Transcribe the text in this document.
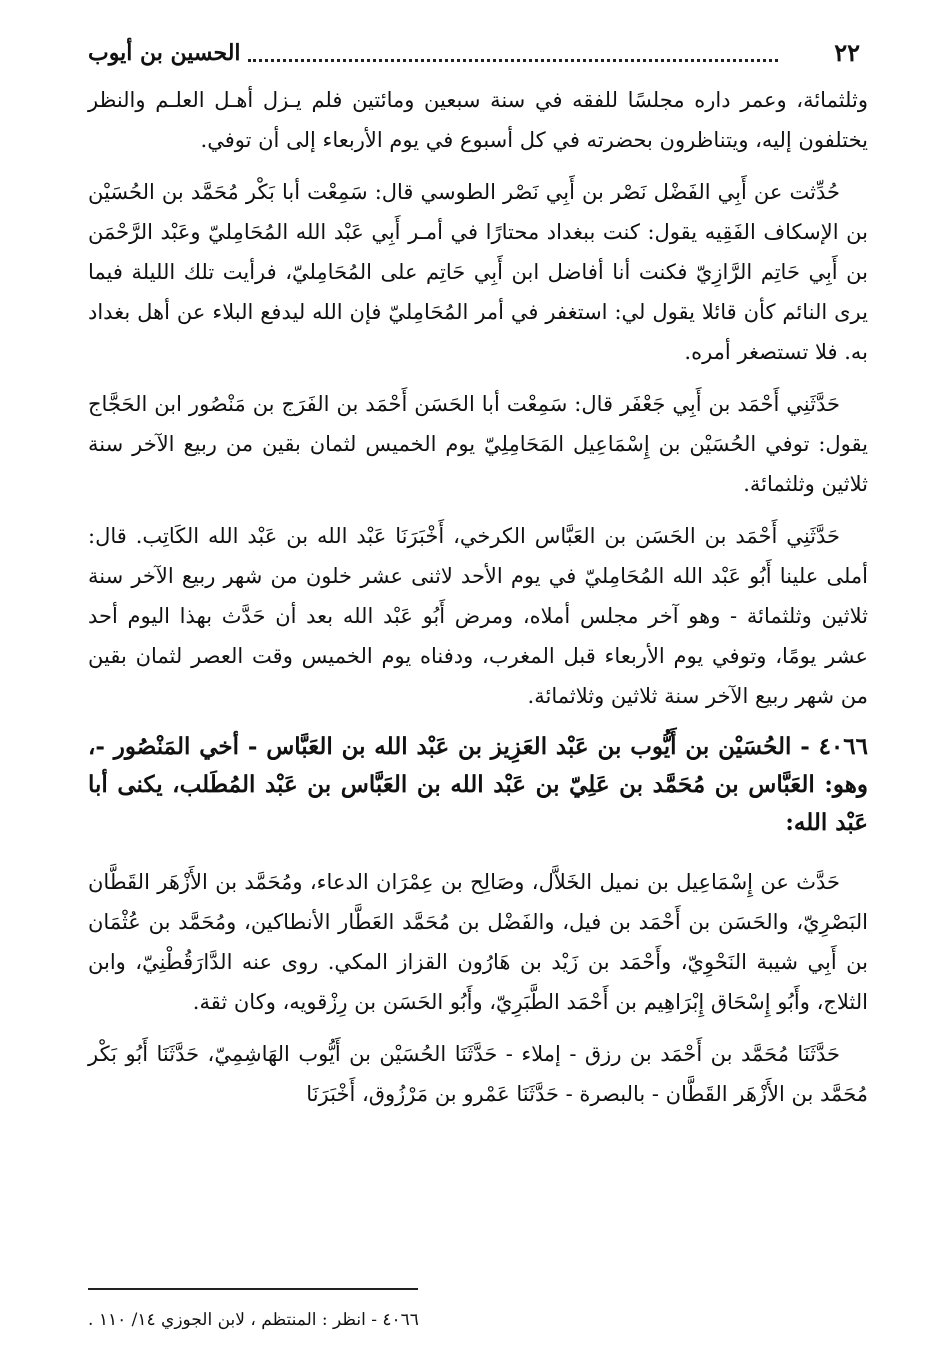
٢٢
الحسين بن أيوب

وثلثمائة، وعمر داره مجلسًا للفقه في سنة سبعين ومائتين فلم يـزل أهـل العلـم والنظر يختلفون إليه، ويتناظرون بحضرته في كل أسبوع في يوم الأربعاء إلى أن توفي.

حُدِّثت عن أَبِي الفَضْل نَصْر بن أَبِي نَصْر الطوسي قال: سَمِعْت أبا بَكْر مُحَمَّد بن الحُسَيْن بن الإسكاف الفَقِيه يقول: كنت ببغداد محتارًا في أمـر أَبِي عَبْد الله المُحَامِليّ وعَبْد الرَّحْمَن بن أَبِي حَاتِم الرَّازِيّ فكنت أنا أفاضل ابن أَبِي حَاتِم على المُحَامِليّ، فرأيت تلك الليلة فيما يرى النائم كأن قائلا يقول لي: استغفر في أمر المُحَامِليّ فإن الله ليدفع البلاء عن أهل بغداد به. فلا تستصغر أمره.

حَدَّثَنِي أَحْمَد بن أَبِي جَعْفَر قال: سَمِعْت أبا الحَسَن أَحْمَد بن الفَرَج بن مَنْصُور ابن الحَجَّاج يقول: توفي الحُسَيْن بن إِسْمَاعِيل المَحَامِلِيّ يوم الخميس لثمان بقين من ربيع الآخر سنة ثلاثين وثلثمائة.

حَدَّثَنِي أَحْمَد بن الحَسَن بن العَبَّاس الكرخي، أَخْبَرَنَا عَبْد الله بن عَبْد الله الكَاتِب. قال: أملى علينا أَبُو عَبْد الله المُحَامِليّ في يوم الأحد لاثنى عشر خلون من شهر ربيع الآخر سنة ثلاثين وثلثمائة - وهو آخر مجلس أملاه، ومرض أَبُو عَبْد الله بعد أن حَدَّث بهذا اليوم أحد عشر يومًا، وتوفي يوم الأربعاء قبل المغرب، ودفناه يوم الخميس وقت العصر لثمان بقين من شهر ربيع الآخر سنة ثلاثين وثلاثمائة.

٤٠٦٦ - الحُسَيْن بن أَيُّوب بن عَبْد العَزِيز بن عَبْد الله بن العَبَّاس - أخي المَنْصُور -، وهو: العَبَّاس بن مُحَمَّد بن عَلِيّ بن عَبْد الله بن العَبَّاس بن عَبْد المُطَلب، يكنى أبا عَبْد الله:

حَدَّث عن إِسْمَاعِيل بن نميل الخَلاَّل، وصَالِح بن عِمْرَان الدعاء، ومُحَمَّد بن الأَزْهَر القَطَّان البَصْرِيّ، والحَسَن بن أَحْمَد بن فيل، والفَضْل بن مُحَمَّد العَطَّار الأنطاكين، ومُحَمَّد بن عُثْمَان بن أَبِي شيبة النَحْوِيّ، وأَحْمَد بن زَيْد بن هَارُون القزاز المكي. روى عنه الدَّارَقُطْنِيّ، وابن الثلاج، وأَبُو إِسْحَاق إِبْرَاهِيم بن أَحْمَد الطَّبَرِيّ، وأَبُو الحَسَن بن رِزْقويه، وكان ثقة.

حَدَّثَنَا مُحَمَّد بن أَحْمَد بن رزق - إملاء - حَدَّثَنَا الحُسَيْن بن أَيُّوب الهَاشِمِيّ، حَدَّثَنَا أَبُو بَكْر مُحَمَّد بن الأَزْهَر القَطَّان - بالبصرة - حَدَّثَنَا عَمْرو بن مَرْزُوق، أَخْبَرَنَا

٤٠٦٦ - انظر : المنتظم ، لابن الجوزي ١٤/ ١١٠ .
